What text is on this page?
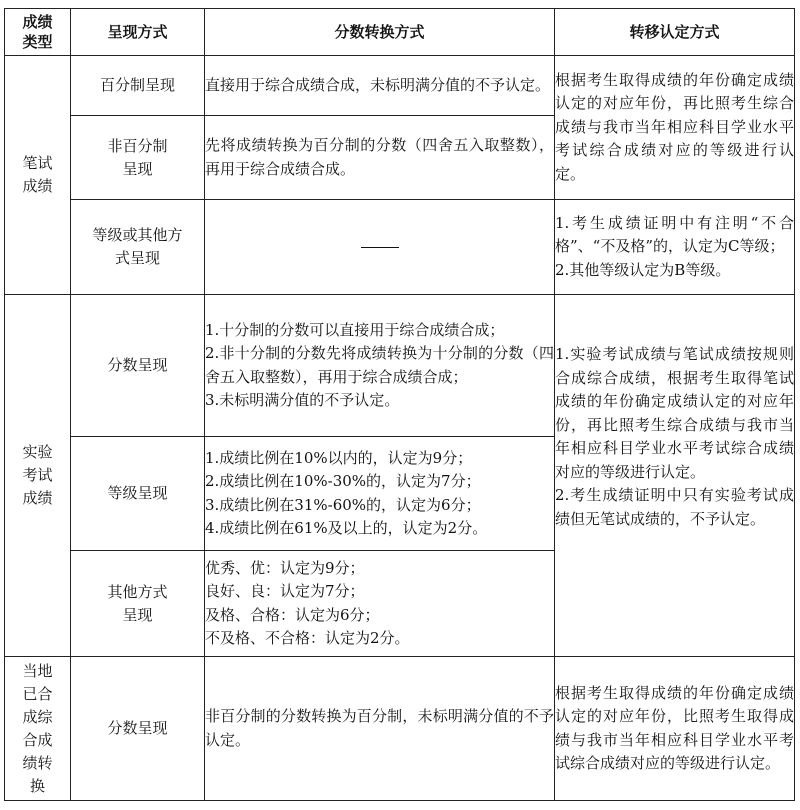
成绩类型	呈现方式	分数转换方式	转移认定方式
笔试成绩	百分制呈现	直接用于综合成绩合成，未标明满分值的不予认定。	根据考生取得成绩的年份确定成绩认定的对应年份，再比照考生综合成绩与我市当年相应科目学业水平考试综合成绩对应的等级进行认定。
	非百分制呈现	先将成绩转换为百分制的分数（四舍五入取整数），再用于综合成绩合成。	
	等级或其他方式呈现		1.考生成绩证明中有注明“不合格”、“不及格”的，认定为C等级；
2.其他等级认定为B等级。

实验考试成绩	分数呈现	1.十分制的分数可以直接用于综合成绩合成；
2.非十分制的分数先将成绩转换为十分制的分数（四舍五入取整数），再用于综合成绩合成；
3.未标明满分值的不予认定。	1.实验考试成绩与笔试成绩按规则合成综合成绩，根据考生取得笔试成绩的年份确定成绩认定的对应年份，再比照考生综合成绩与我市当年相应科目学业水平考试综合成绩对应的等级进行认定。
2.考生成绩证明中只有实验考试成绩但无笔试成绩的，不予认定。

	等级呈现	1.成绩比例在10%以内的，认定为9分；
2.成绩比例在10%-30%的，认定为7分；
3.成绩比例在31%-60%的，认定为6分；
4.成绩比例在61%及以上的，认定为2分。	

	其他方式呈现	优秀、优：认定为9分；
良好、良：认定为7分；
及格、合格：认定为6分；
不及格、不合格：认定为2分。	

当地已合成综合成绩转换	分数呈现	非百分制的分数转换为百分制，未标明满分值的不予认定。	根据考生取得成绩的年份确定成绩认定的对应年份，比照考生取得成绩与我市当年相应科目学业水平考试综合成绩对应的等级进行认定。
